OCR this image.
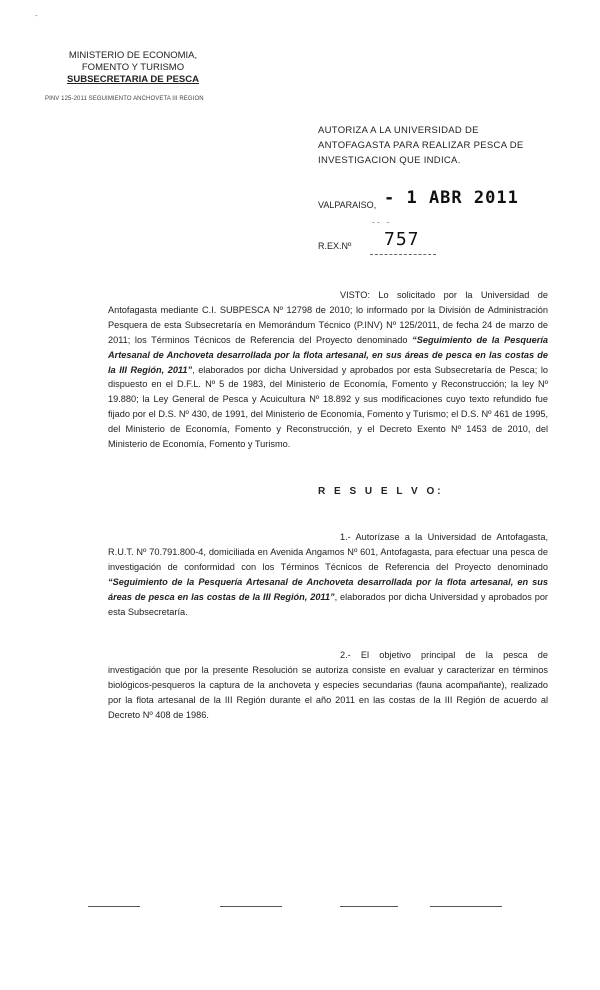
ˉ
MINISTERIO DE ECONOMIA,
FOMENTO Y TURISMO
SUBSECRETARIA DE PESCA
PINV 125-2011 SEGUIMIENTO ANCHOVETA III REGION
AUTORIZA A LA UNIVERSIDAD DE ANTOFAGASTA PARA REALIZAR PESCA DE INVESTIGACION QUE INDICA.
VALPARAISO, - 1 ABR 2011
ˉˉ ˉ
R.EX.Nº 757
VISTO: Lo solicitado por la Universidad de Antofagasta mediante C.I. SUBPESCA Nº 12798 de 2010; lo informado por la División de Administración Pesquera de esta Subsecretaría en Memorándum Técnico (P.INV) Nº 125/2011, de fecha 24 de marzo de 2011; los Términos Técnicos de Referencia del Proyecto denominado “Seguimiento de la Pesquería Artesanal de Anchoveta desarrollada por la flota artesanal, en sus áreas de pesca en las costas de la III Región, 2011”, elaborados por dicha Universidad y aprobados por esta Subsecretaría de Pesca; lo dispuesto en el D.F.L. Nº 5 de 1983, del Ministerio de Economía, Fomento y Reconstrucción; la ley Nº 19.880; la Ley General de Pesca y Acuicultura Nº 18.892 y sus modificaciones cuyo texto refundido fue fijado por el D.S. Nº 430, de 1991, del Ministerio de Economía, Fomento y Turismo; el D.S. Nº 461 de 1995, del Ministerio de Economía, Fomento y Reconstrucción, y el Decreto Exento Nº 1453 de 2010, del Ministerio de Economía, Fomento y Turismo.
R E S U E L V O:
1.- Autorízase a la Universidad de Antofagasta, R.U.T. Nº 70.791.800-4, domiciliada en Avenida Angamos Nº 601, Antofagasta, para efectuar una pesca de investigación de conformidad con los Términos Técnicos de Referencia del Proyecto denominado “Seguimiento de la Pesquería Artesanal de Anchoveta desarrollada por la flota artesanal, en sus áreas de pesca en las costas de la III Región, 2011”, elaborados por dicha Universidad y aprobados por esta Subsecretaría.
2.- El objetivo principal de la pesca de investigación que por la presente Resolución se autoriza consiste en evaluar y caracterizar en términos biológicos-pesqueros la captura de la anchoveta y especies secundarias (fauna acompañante), realizado por la flota artesanal de la III Región durante el año 2011 en las costas de la III Región de acuerdo al Decreto Nº 408 de 1986.
